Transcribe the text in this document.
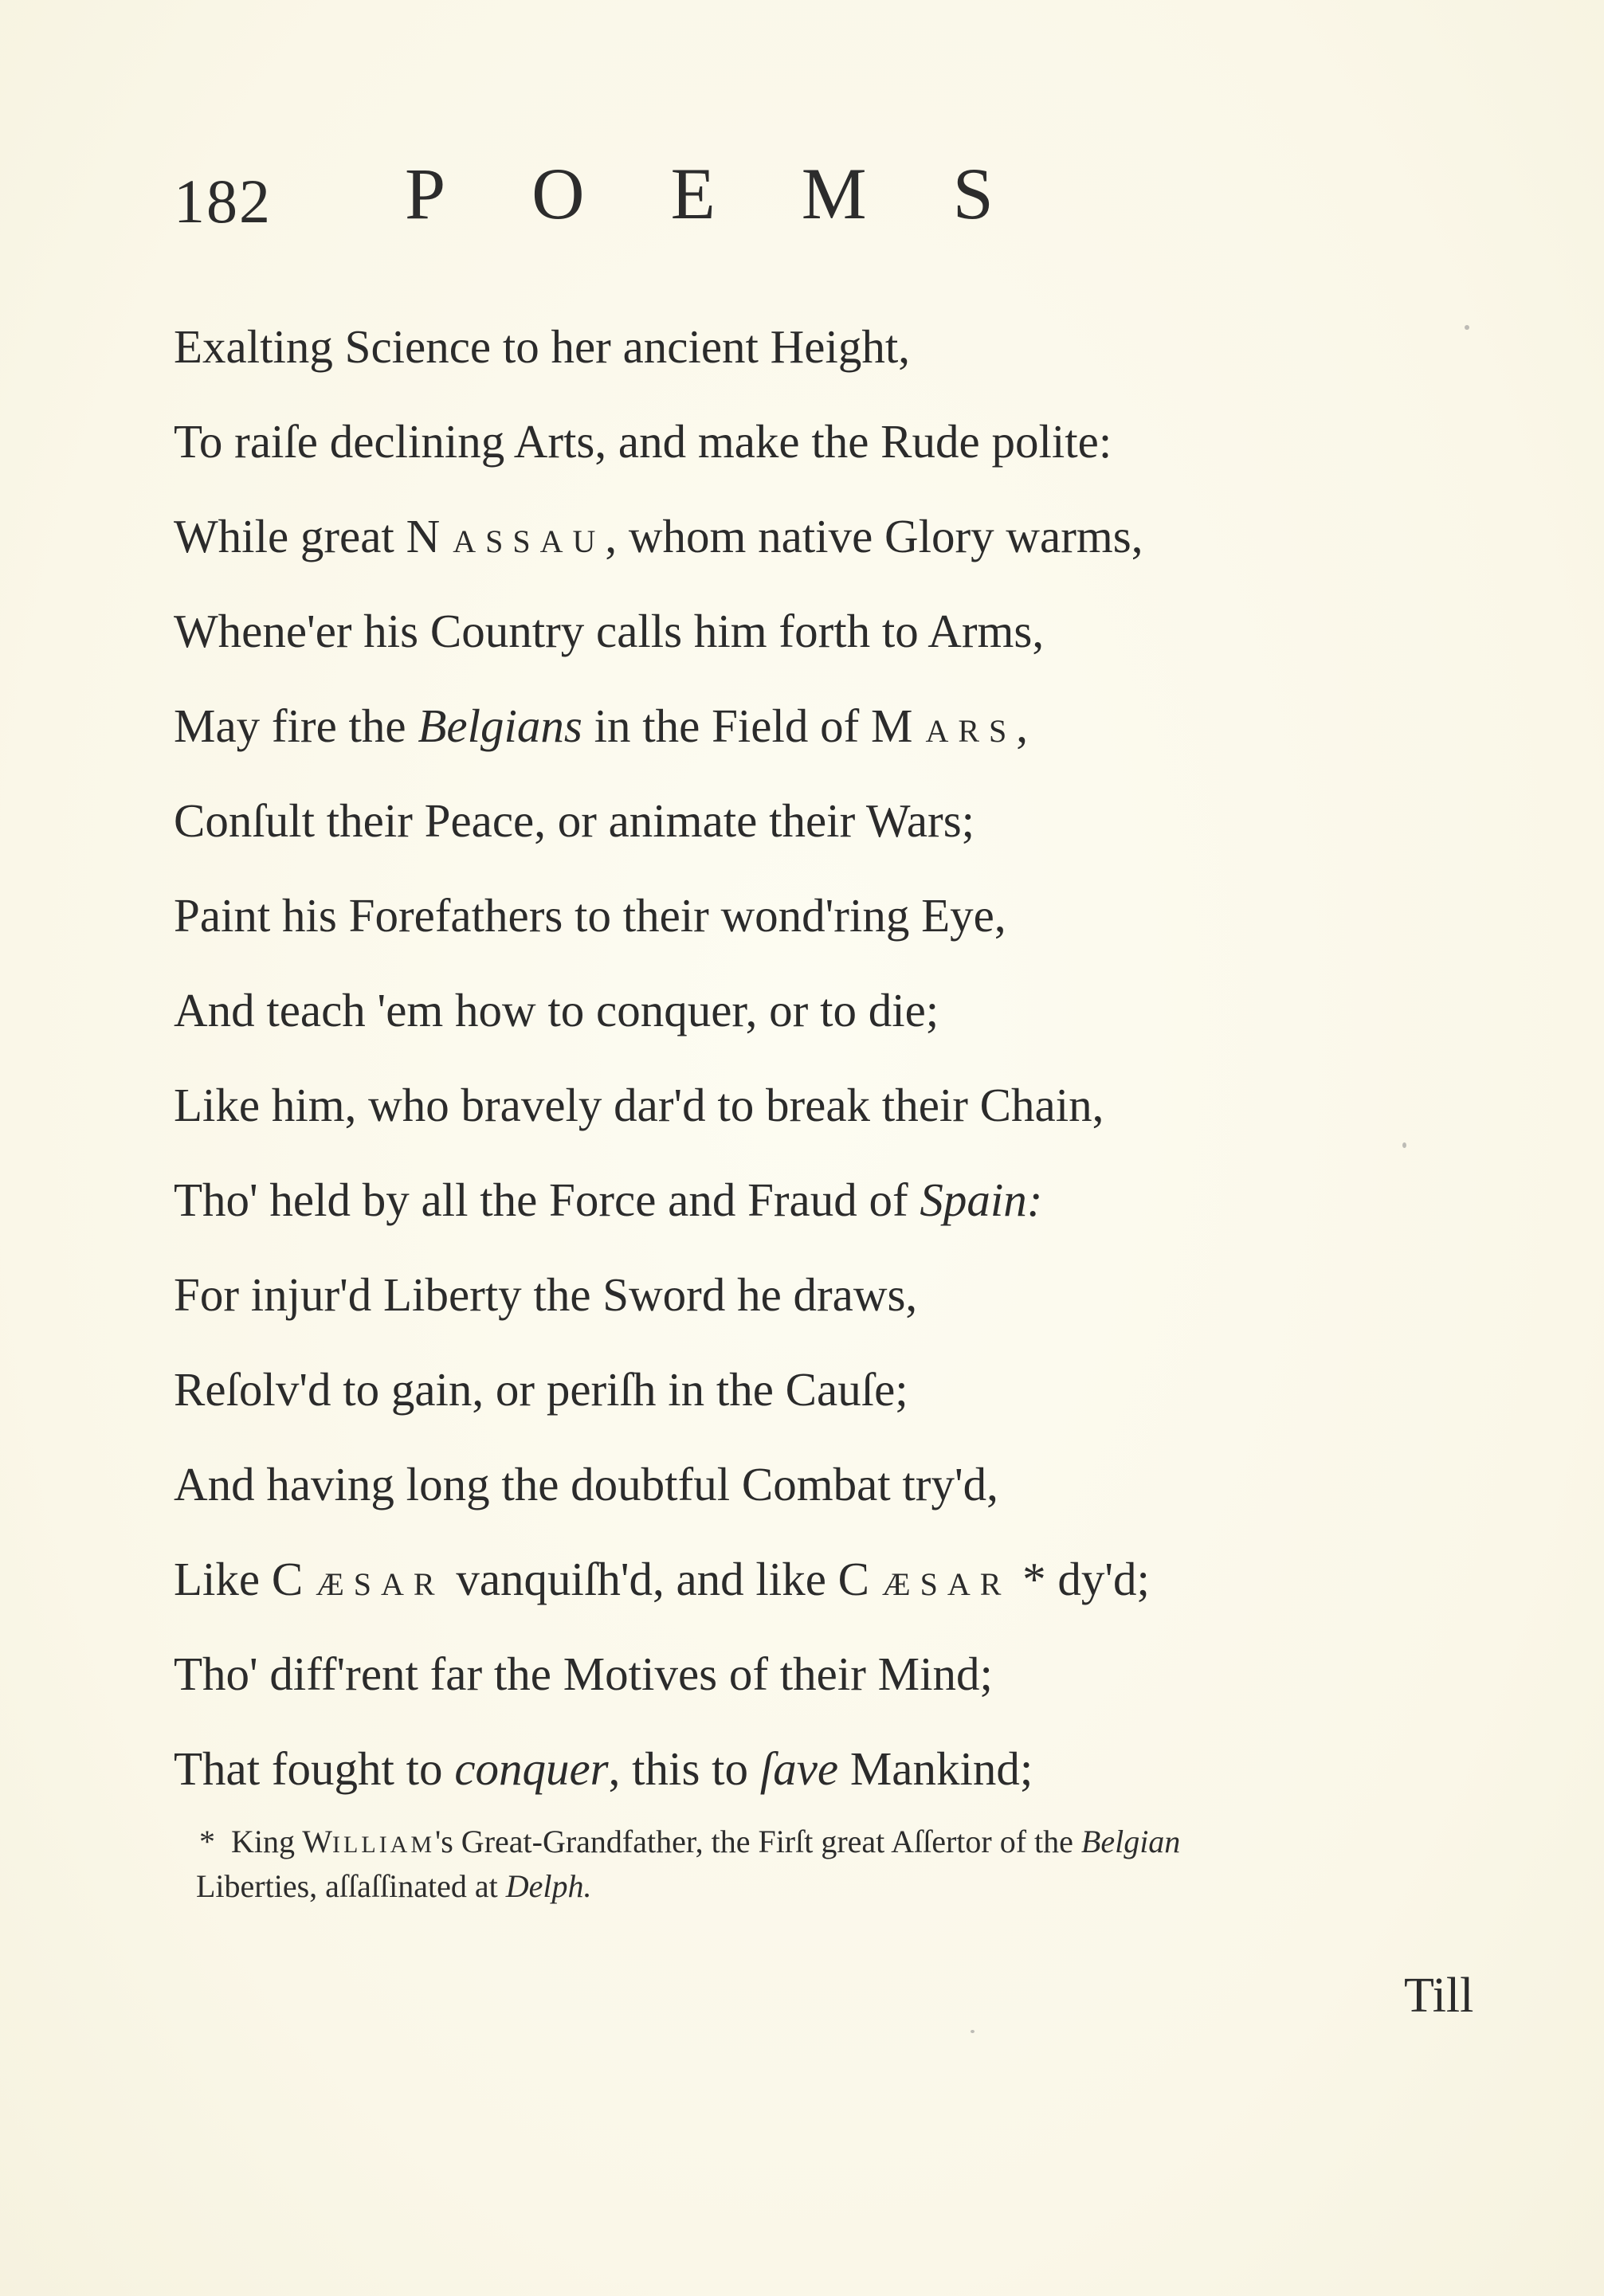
182 POEMS
Exalting Science to her ancient Height,
To raiſe declining Arts, and make the Rude polite:
While great NASSAU, whom native Glory warms,
Whene'er his Country calls him forth to Arms,
May fire the Belgians in the Field of MARS,
Conſult their Peace, or animate their Wars;
Paint his Forefathers to their wond'ring Eye,
And teach 'em how to conquer, or to die;
Like him, who bravely dar'd to break their Chain,
Tho' held by all the Force and Fraud of Spain:
For injur'd Liberty the Sword he draws,
Reſolv'd to gain, or periſh in the Cauſe;
And having long the doubtful Combat try'd,
Like CÆSAR vanquiſh'd, and like CÆSAR * dy'd;
Tho' diff'rent far the Motives of their Mind;
That fought to conquer, this to ſave Mankind;
* King WILLIAM's Great-Grandfather, the Firſt great Aſſertor of the Belgian
Liberties, aſſaſſinated at Delph.
Till
